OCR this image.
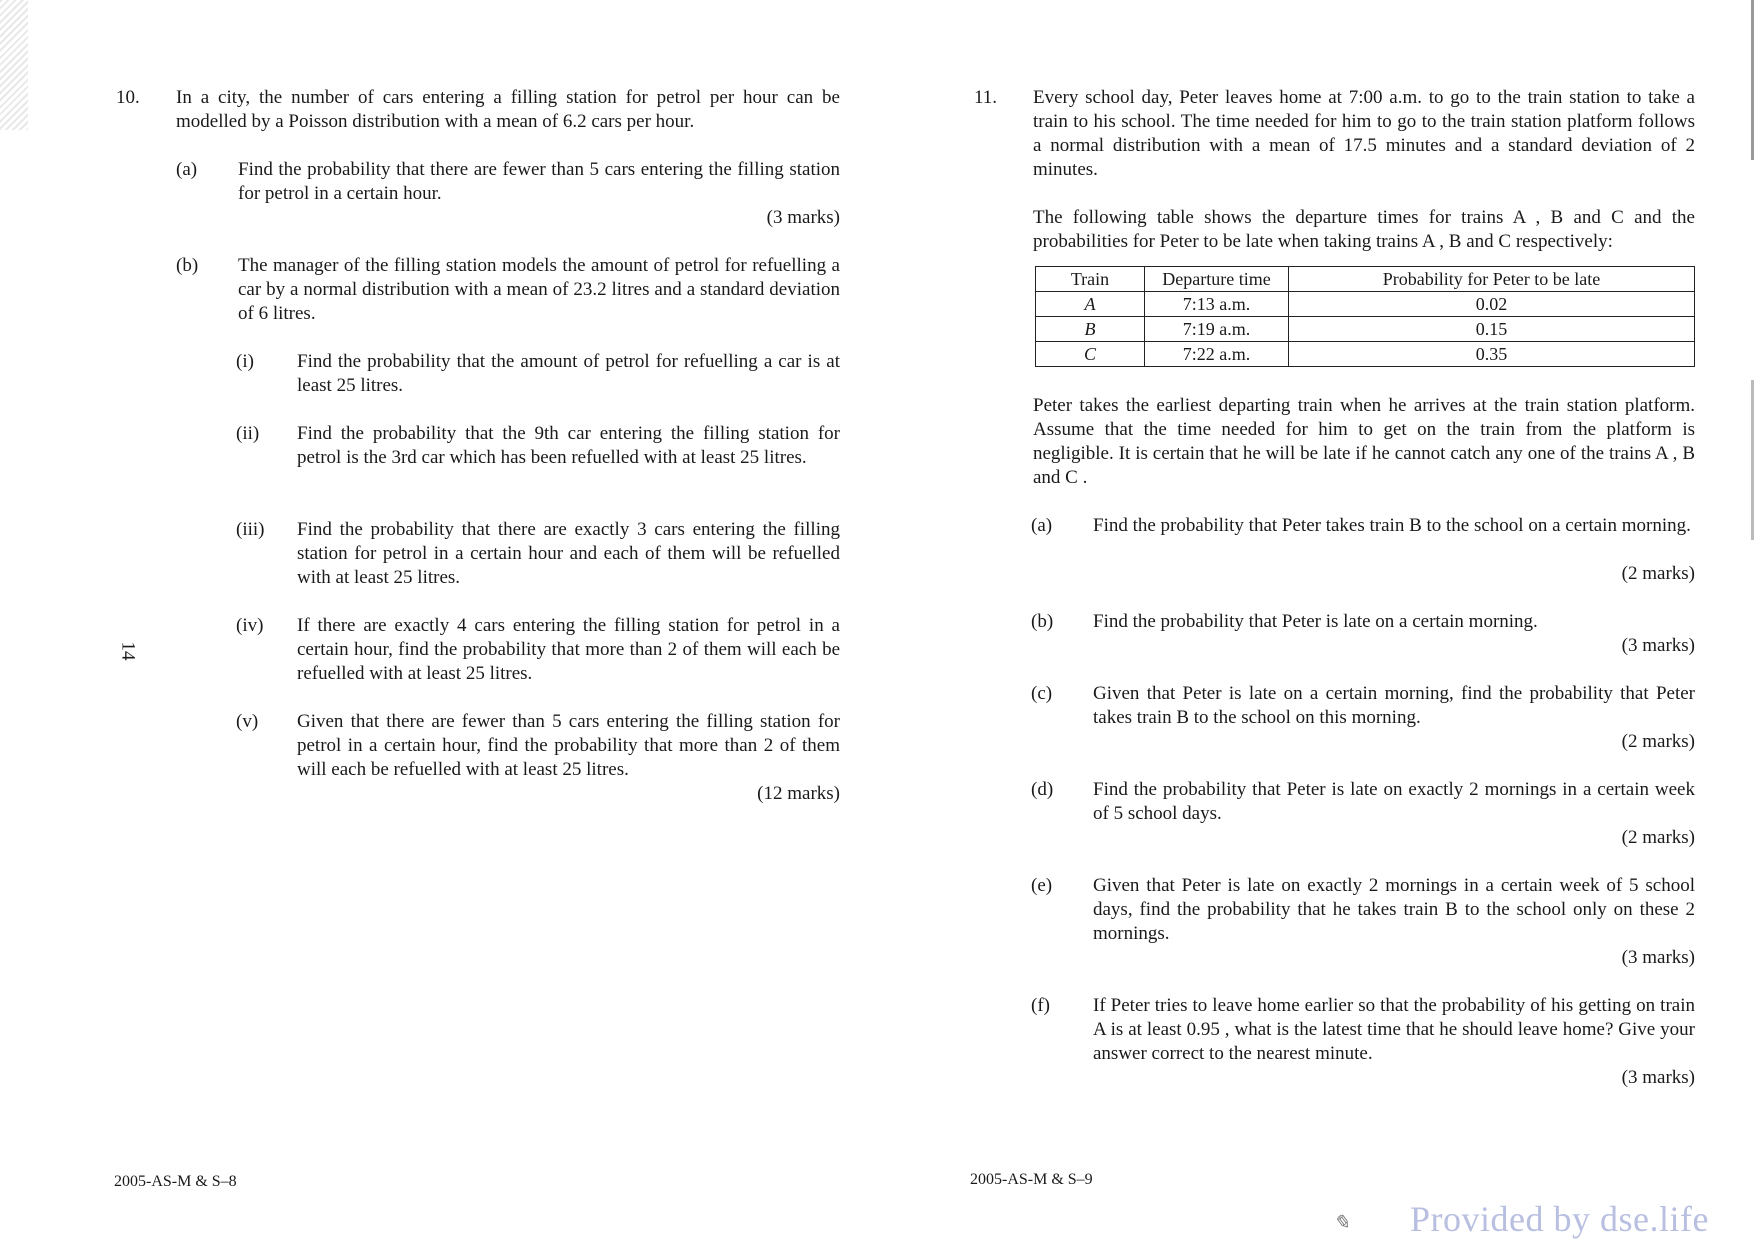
10. In a city, the number of cars entering a filling station for petrol per hour can be modelled by a Poisson distribution with a mean of 6.2 cars per hour.
(a) Find the probability that there are fewer than 5 cars entering the filling station for petrol in a certain hour.
(3 marks)
(b) The manager of the filling station models the amount of petrol for refuelling a car by a normal distribution with a mean of 23.2 litres and a standard deviation of 6 litres.
(i) Find the probability that the amount of petrol for refuelling a car is at least 25 litres.
(ii) Find the probability that the 9th car entering the filling station for petrol is the 3rd car which has been refuelled with at least 25 litres.
(iii) Find the probability that there are exactly 3 cars entering the filling station for petrol in a certain hour and each of them will be refuelled with at least 25 litres.
(iv) If there are exactly 4 cars entering the filling station for petrol in a certain hour, find the probability that more than 2 of them will each be refuelled with at least 25 litres.
(v) Given that there are fewer than 5 cars entering the filling station for petrol in a certain hour, find the probability that more than 2 of them will each be refuelled with at least 25 litres.
(12 marks)
14
2005-AS-M & S–8
11. Every school day, Peter leaves home at 7:00 a.m. to go to the train station to take a train to his school. The time needed for him to go to the train station platform follows a normal distribution with a mean of 17.5 minutes and a standard deviation of 2 minutes.
The following table shows the departure times for trains A , B and C and the probabilities for Peter to be late when taking trains A , B and C respectively:
Train	Departure time	Probability for Peter to be late
A	7:13 a.m.	0.02
B	7:19 a.m.	0.15
C	7:22 a.m.	0.35
Peter takes the earliest departing train when he arrives at the train station platform. Assume that the time needed for him to get on the train from the platform is negligible. It is certain that he will be late if he cannot catch any one of the trains A , B and C .
(a) Find the probability that Peter takes train B to the school on a certain morning.
(2 marks)
(b) Find the probability that Peter is late on a certain morning.
(3 marks)
(c) Given that Peter is late on a certain morning, find the probability that Peter takes train B to the school on this morning.
(2 marks)
(d) Find the probability that Peter is late on exactly 2 mornings in a certain week of 5 school days.
(2 marks)
(e) Given that Peter is late on exactly 2 mornings in a certain week of 5 school days, find the probability that he takes train B to the school only on these 2 mornings.
(3 marks)
(f) If Peter tries to leave home earlier so that the probability of his getting on train A is at least 0.95 , what is the latest time that he should leave home? Give your answer correct to the nearest minute.
(3 marks)
2005-AS-M & S–9
✎ Provided by dse.life
